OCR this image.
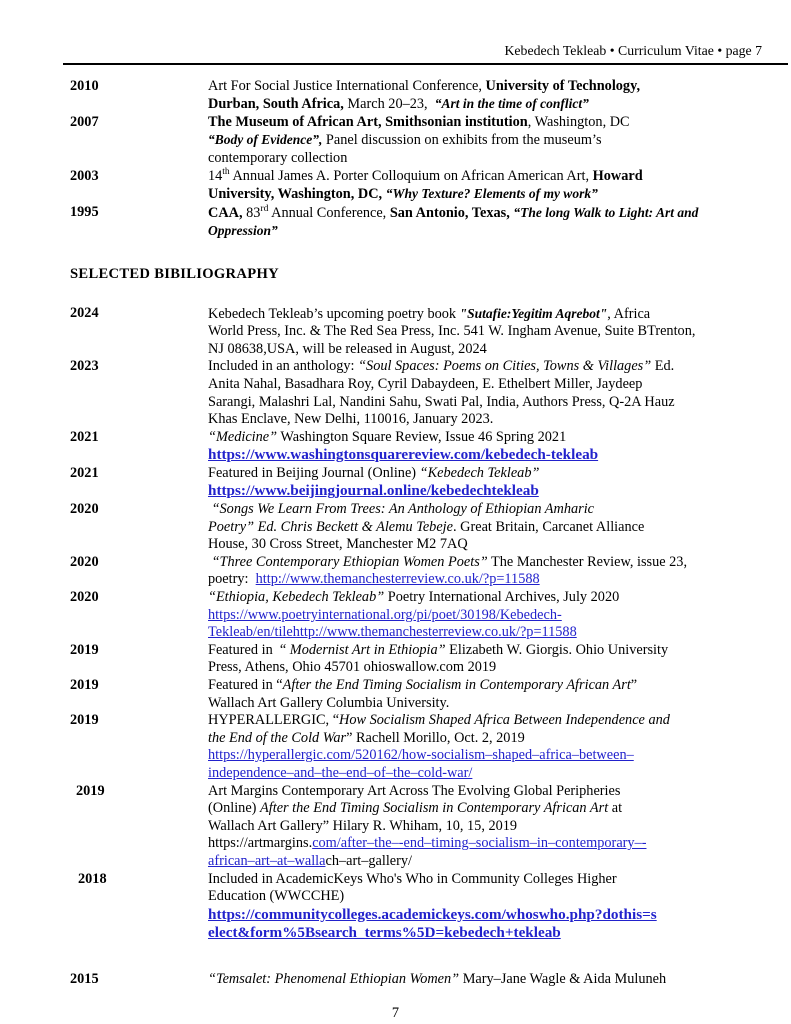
Kebedech Tekleab • Curriculum Vitae • page 7
2010	Art For Social Justice International Conference, University of Technology,
Durban, South Africa, March 20–23,  “Art in the time of conflict”
2007	The Museum of African Art, Smithsonian institution, Washington, DC
“Body of Evidence”, Panel discussion on exhibits from the museum’s
contemporary collection
2003	14th Annual James A. Porter Colloquium on African American Art, Howard
University, Washington, DC, “Why Texture? Elements of my work”
1995	CAA, 83rd Annual Conference, San Antonio, Texas, “The long Walk to Light: Art and
Oppression”
SELECTED BIBILIOGRAPHY
2024	Kebedech Tekleab’s upcoming poetry book "Sutafie:Yegitim Aqrebot", Africa
World Press, Inc. & The Red Sea Press, Inc. 541 W. Ingham Avenue, Suite BTrenton,
NJ 08638,USA, will be released in August, 2024
2023	Included in an anthology: “Soul Spaces: Poems on Cities, Towns & Villages” Ed.
Anita Nahal, Basadhara Roy, Cyril Dabaydeen, E. Ethelbert Miller, Jaydeep
Sarangi, Malashri Lal, Nandini Sahu, Swati Pal, India, Authors Press, Q-2A Hauz
Khas Enclave, New Delhi, 110016, January 2023.
2021	“Medicine” Washington Square Review, Issue 46 Spring 2021
https://www.washingtonsquarereview.com/kebedech-tekleab
2021	Featured in Beijing Journal (Online) “Kebedech Tekleab”
https://www.beijingjournal.online/kebedechtekleab
2020	“Songs We Learn From Trees: An Anthology of Ethiopian Amharic
Poetry” Ed. Chris Beckett & Alemu Tebeje. Great Britain, Carcanet Alliance
House, 30 Cross Street, Manchester M2 7AQ
2020	“Three Contemporary Ethiopian Women Poets” The Manchester Review, issue 23,
poetry:  http://www.themanchesterreview.co.uk/?p=11588
2020	“Ethiopia, Kebedech Tekleab” Poetry International Archives, July 2020
https://www.poetryinternational.org/pi/poet/30198/Kebedech-
Tekleab/en/tilehttp://www.themanchesterreview.co.uk/?p=11588
2019	Featured in  “ Modernist Art in Ethiopia” Elizabeth W. Giorgis. Ohio University
Press, Athens, Ohio 45701 ohioswallow.com 2019
2019	Featured in “After the End Timing Socialism in Contemporary African Art”
Wallach Art Gallery Columbia University.
2019	HYPERALLERGIC, “How Socialism Shaped Africa Between Independence and
the End of the Cold War” Rachell Morillo, Oct. 2, 2019
https://hyperallergic.com/520162/how-socialism–shaped–africa–between–
independence–and–the–end–of–the–cold-war/
2019	Art Margins Contemporary Art Across The Evolving Global Peripheries
(Online) After the End Timing Socialism in Contemporary African Art at
Wallach Art Gallery” Hilary R. Whiham, 10, 15, 2019
https://artmargins.com/after–the–-end–timing–socialism–in–contemporary–-
african–art–at–wallach–art–gallery/
2018	Included in AcademicKeys Who's Who in Community Colleges Higher
Education (WWCCHE)
https://communitycolleges.academickeys.com/whoswho.php?dothis=s
elect&form%5Bsearch_terms%5D=kebedech+tekleab
2015	“Temsalet: Phenomenal Ethiopian Women” Mary–Jane Wagle & Aida Muluneh
7
